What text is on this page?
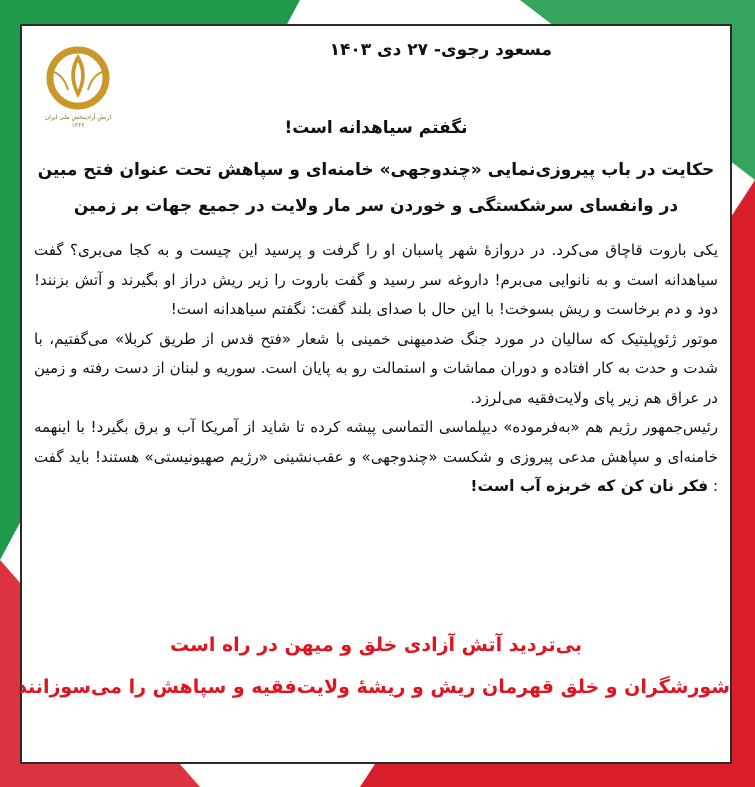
ارتش آزادیبخش ملی ایران
۱۳۶۶
مسعود رجوی- ۲۷ دی ۱۴۰۳
نگفتم سیاهدانه است!
حکایت در باب پیروزی‌نمایی «چندوجهی» خامنه‌ای و سپاهش تحت عنوان فتح مبین
در وانفسای سرشکستگی و خوردن سر مار ولایت در جمیع جهات بر زمین

یکی باروت قاچاق می‌کرد. در دروازهٔ شهر پاسبان او را گرفت و پرسید این چیست و به کجا می‌بری؟ گفت سیاهدانه است و به نانوایی می‌برم! داروغه سر رسید و گفت باروت را زیر ریش دراز او بگیرند و آتش بزنند! دود و دم برخاست و ریش بسوخت! با این حال با صدای بلند گفت: نگفتم سیاهدانه است!

موتور ژئوپلیتیک که سالیان در مورد جنگ ضدمیهنی خمینی با شعار «فتح قدس از طریق کربلا» می‌گفتیم، با شدت و حدت به کار افتاده و دوران مماشات و استمالت رو به پایان است. سوریه و لبنان از دست رفته و زمین در عراق هم زیر پای ولایت‌فقیه می‌لرزد.

رئیس‌جمهور رژیم هم «به‌فرموده» دیپلماسی التماسی پیشه کرده تا شاید از آمریکا آب و برق بگیرد! با اینهمه خامنه‌ای و سپاهش مدعی پیروزی و شکست «چندوجهی» و عقب‌نشینی «رژیم صهیونیستی» هستند! باید گفت : فکر نان کن که خربزه آب است!

بی‌تردید آتش آزادی خلق و میهن در راه است
شورشگران و خلق قهرمان ریش و ریشهٔ ولایت‌فقیه و سپاهش را می‌سوزانند
